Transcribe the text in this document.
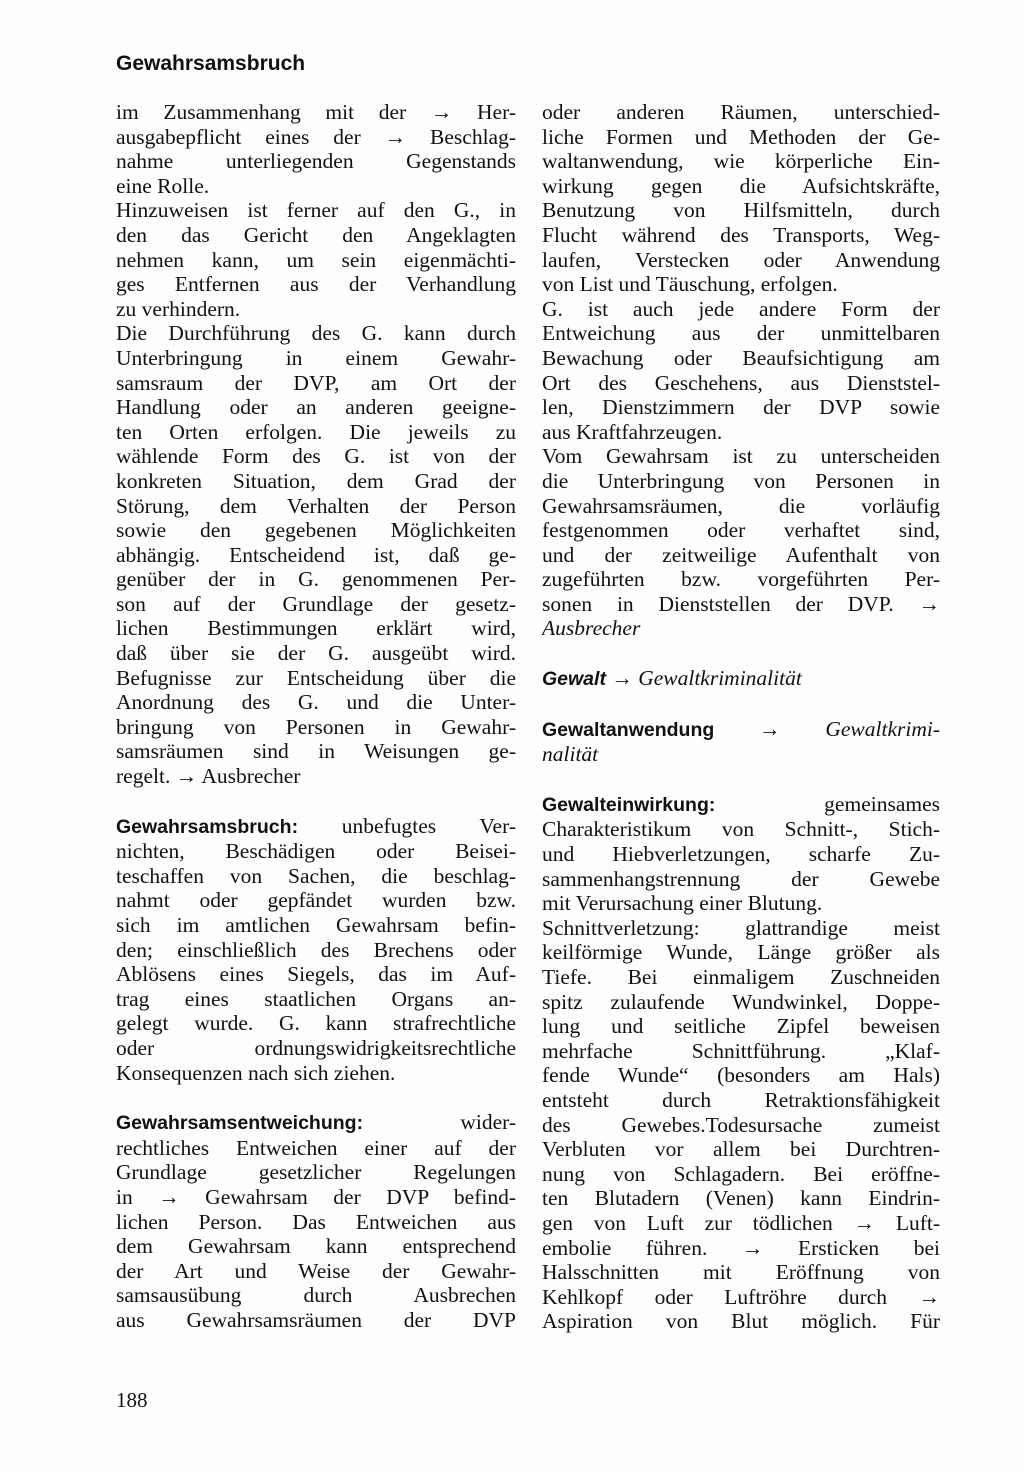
Gewahrsamsbruch
im Zusammenhang mit der → Her-
ausgabepflicht eines der → Beschlag-
nahme unterliegenden Gegenstands
eine Rolle.
Hinzuweisen ist ferner auf den G., in
den das Gericht den Angeklagten
nehmen kann, um sein eigenmächti-
ges Entfernen aus der Verhandlung
zu verhindern.
Die Durchführung des G. kann durch
Unterbringung in einem Gewahr-
samsraum der DVP, am Ort der
Handlung oder an anderen geeigne-
ten Orten erfolgen. Die jeweils zu
wählende Form des G. ist von der
konkreten Situation, dem Grad der
Störung, dem Verhalten der Person
sowie den gegebenen Möglichkeiten
abhängig. Entscheidend ist, daß ge-
genüber der in G. genommenen Per-
son auf der Grundlage der gesetz-
lichen Bestimmungen erklärt wird,
daß über sie der G. ausgeübt wird.
Befugnisse zur Entscheidung über die
Anordnung des G. und die Unter-
bringung von Personen in Gewahr-
samsräumen sind in Weisungen ge-
regelt. → Ausbrecher
Gewahrsamsbruch: unbefugtes Ver-
nichten, Beschädigen oder Beisei-
teschaffen von Sachen, die beschlag-
nahmt oder gepfändet wurden bzw.
sich im amtlichen Gewahrsam befin-
den; einschließlich des Brechens oder
Ablösens eines Siegels, das im Auf-
trag eines staatlichen Organs an-
gelegt wurde. G. kann strafrechtliche
oder ordnungswidrigkeitsrechtliche
Konsequenzen nach sich ziehen.
Gewahrsamsentweichung: wider-
rechtliches Entweichen einer auf der
Grundlage gesetzlicher Regelungen
in → Gewahrsam der DVP befind-
lichen Person. Das Entweichen aus
dem Gewahrsam kann entsprechend
der Art und Weise der Gewahr-
samsausübung durch Ausbrechen
aus Gewahrsamsräumen der DVP
oder anderen Räumen, unterschied-
liche Formen und Methoden der Ge-
waltanwendung, wie körperliche Ein-
wirkung gegen die Aufsichtskräfte,
Benutzung von Hilfsmitteln, durch
Flucht während des Transports, Weg-
laufen, Verstecken oder Anwendung
von List und Täuschung, erfolgen.
G. ist auch jede andere Form der
Entweichung aus der unmittelbaren
Bewachung oder Beaufsichtigung am
Ort des Geschehens, aus Dienststel-
len, Dienstzimmern der DVP sowie
aus Kraftfahrzeugen.
Vom Gewahrsam ist zu unterscheiden
die Unterbringung von Personen in
Gewahrsamsräumen, die vorläufig
festgenommen oder verhaftet sind,
und der zeitweilige Aufenthalt von
zugeführten bzw. vorgeführten Per-
sonen in Dienststellen der DVP. →
Ausbrecher
Gewalt → Gewaltkriminalität
Gewaltanwendung → Gewaltkrimi-
nalität
Gewalteinwirkung: gemeinsames
Charakteristikum von Schnitt-, Stich-
und Hiebverletzungen, scharfe Zu-
sammenhangstrennung der Gewebe
mit Verursachung einer Blutung.
Schnittverletzung: glattrandige meist
keilförmige Wunde, Länge größer als
Tiefe. Bei einmaligem Zuschneiden
spitz zulaufende Wundwinkel, Doppe-
lung und seitliche Zipfel beweisen
mehrfache Schnittführung. „Klaf-
fende Wunde“ (besonders am Hals)
entsteht durch Retraktionsfähigkeit
des Gewebes.Todesursache zumeist
Verbluten vor allem bei Durchtren-
nung von Schlagadern. Bei eröffne-
ten Blutadern (Venen) kann Eindrin-
gen von Luft zur tödlichen → Luft-
embolie führen. → Ersticken bei
Halsschnitten mit Eröffnung von
Kehlkopf oder Luftröhre durch →
Aspiration von Blut möglich. Für
188
